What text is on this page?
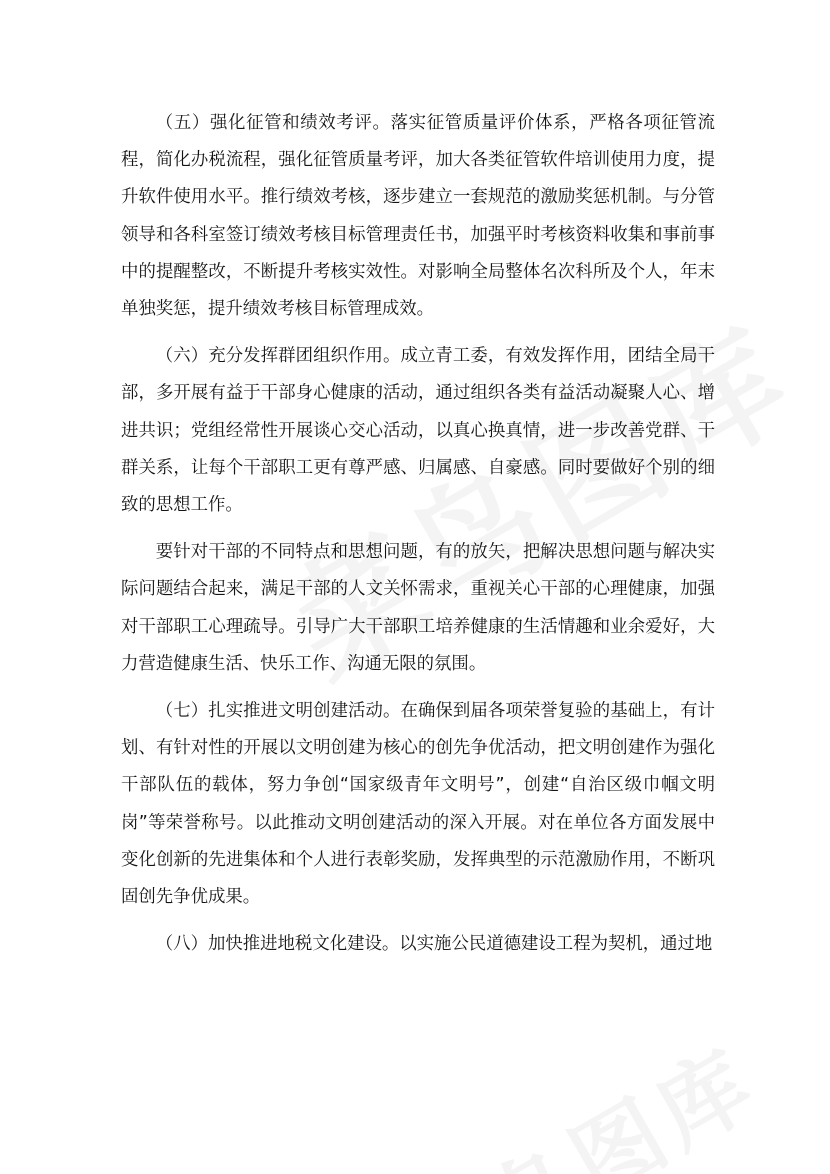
（五）强化征管和绩效考评。落实征管质量评价体系，严格各项征管流程，简化办税流程，强化征管质量考评，加大各类征管软件培训使用力度，提升软件使用水平。推行绩效考核，逐步建立一套规范的激励奖惩机制。与分管领导和各科室签订绩效考核目标管理责任书，加强平时考核资料收集和事前事中的提醒整改，不断提升考核实效性。对影响全局整体名次科所及个人，年末单独奖惩，提升绩效考核目标管理成效。

（六）充分发挥群团组织作用。成立青工委，有效发挥作用，团结全局干部，多开展有益于干部身心健康的活动，通过组织各类有益活动凝聚人心、增进共识；党组经常性开展谈心交心活动，以真心换真情，进一步改善党群、干群关系，让每个干部职工更有尊严感、归属感、自豪感。同时要做好个别的细致的思想工作。

要针对干部的不同特点和思想问题，有的放矢，把解决思想问题与解决实际问题结合起来，满足干部的人文关怀需求，重视关心干部的心理健康，加强对干部职工心理疏导。引导广大干部职工培养健康的生活情趣和业余爱好，大力营造健康生活、快乐工作、沟通无限的氛围。

（七）扎实推进文明创建活动。在确保到届各项荣誉复验的基础上，有计划、有针对性的开展以文明创建为核心的创先争优活动，把文明创建作为强化干部队伍的载体，努力争创“国家级青年文明号”，创建“自治区级巾帼文明岗”等荣誉称号。以此推动文明创建活动的深入开展。对在单位各方面发展中变化创新的先进集体和个人进行表彰奖励，发挥典型的示范激励作用，不断巩固创先争优成果。

（八）加快推进地税文化建设。以实施公民道德建设工程为契机，通过地
